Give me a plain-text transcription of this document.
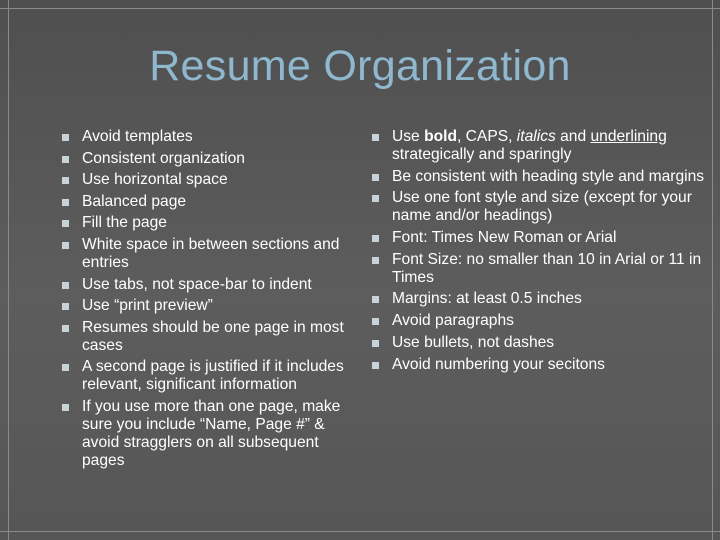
Resume Organization
Avoid templates
Consistent organization
Use horizontal space
Balanced page
Fill the page
White space in between sections and entries
Use tabs, not space-bar to indent
Use “print preview”
Resumes should be one page in most cases
A second page is justified if it includes relevant, significant information
If you use more than one page, make sure you include “Name, Page #” & avoid stragglers on all subsequent pages
Use bold, CAPS, italics and underlining strategically and sparingly
Be consistent with heading style and margins
Use one font style and size (except for your name and/or headings)
Font: Times New Roman or Arial
Font Size: no smaller than 10 in Arial or 11 in Times
Margins: at least 0.5 inches
Avoid paragraphs
Use bullets, not dashes
Avoid numbering your secitons
